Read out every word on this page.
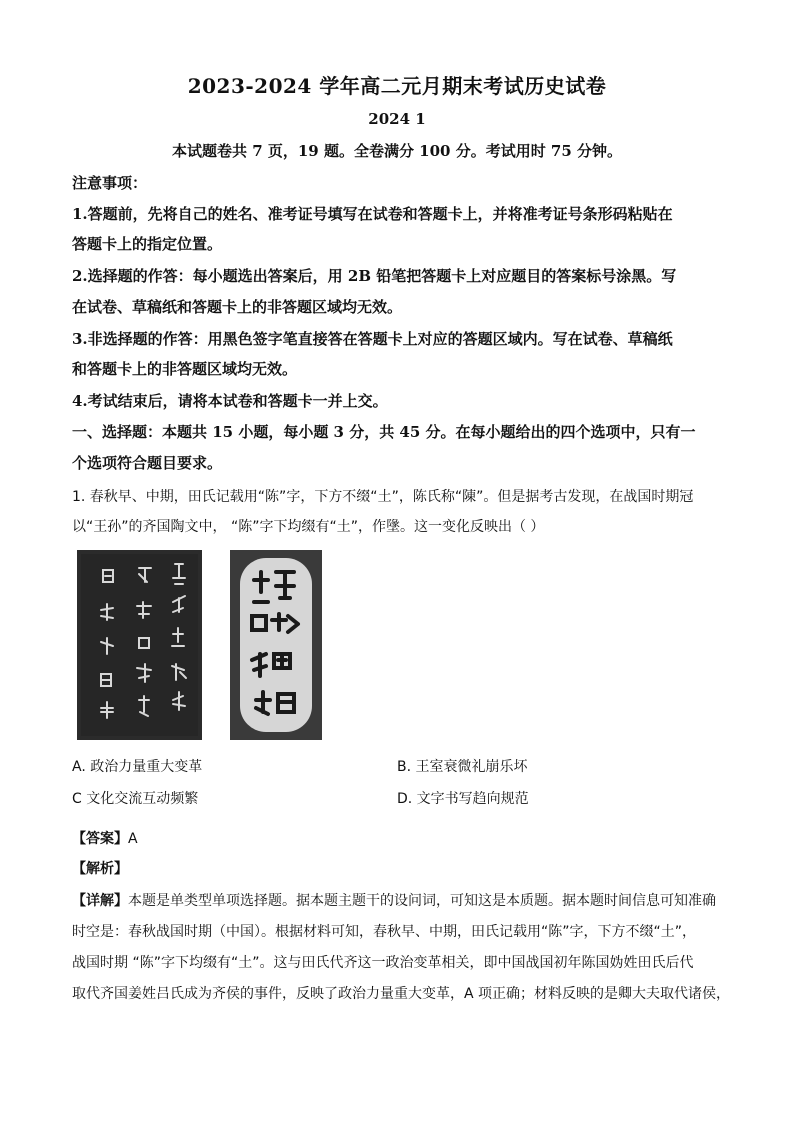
2023-2024 学年高二元月期末考试历史试卷
2024 1
本试题卷共 7 页，19 题。全卷满分 100 分。考试用时 75 分钟。
注意事项：
1.答题前，先将自己的姓名、准考证号填写在试卷和答题卡上，并将准考证号条形码粘贴在
答题卡上的指定位置。
2.选择题的作答：每小题选出答案后，用 2B 铅笔把答题卡上对应题目的答案标号涂黑。写
在试卷、草稿纸和答题卡上的非答题区域均无效。
3.非选择题的作答：用黑色签字笔直接答在答题卡上对应的答题区域内。写在试卷、草稿纸
和答题卡上的非答题区域均无效。
4.考试结束后，请将本试卷和答题卡一并上交。
一、选择题：本题共 15 小题，每小题 3 分，共 45 分。在每小题给出的四个选项中，只有一
个选项符合题目要求。
1. 春秋早、中期，田氏记载用“陈”字，下方不缀“土”，陈氏称“陳”。但是据考古发现，在战国时期冠
以“王孙”的齐国陶文中， “陈”字下均缀有“土”，作墬。这一变化反映出（ ）
A. 政治力量重大变革	B. 王室衰微礼崩乐坏
C 文化交流互动频繁	D. 文字书写趋向规范
【答案】A
【解析】
【详解】本题是单类型单项选择题。据本题主题干的设问词，可知这是本质题。据本题时间信息可知准确
时空是：春秋战国时期（中国）。根据材料可知，春秋早、中期，田氏记载用“陈”字，下方不缀“土”，
战国时期 “陈”字下均缀有“土”。这与田氏代齐这一政治变革相关，即中国战国初年陈国妫姓田氏后代
取代齐国姜姓吕氏成为齐侯的事件，反映了政治力量重大变革，A 项正确；材料反映的是卿大夫取代诸侯，
